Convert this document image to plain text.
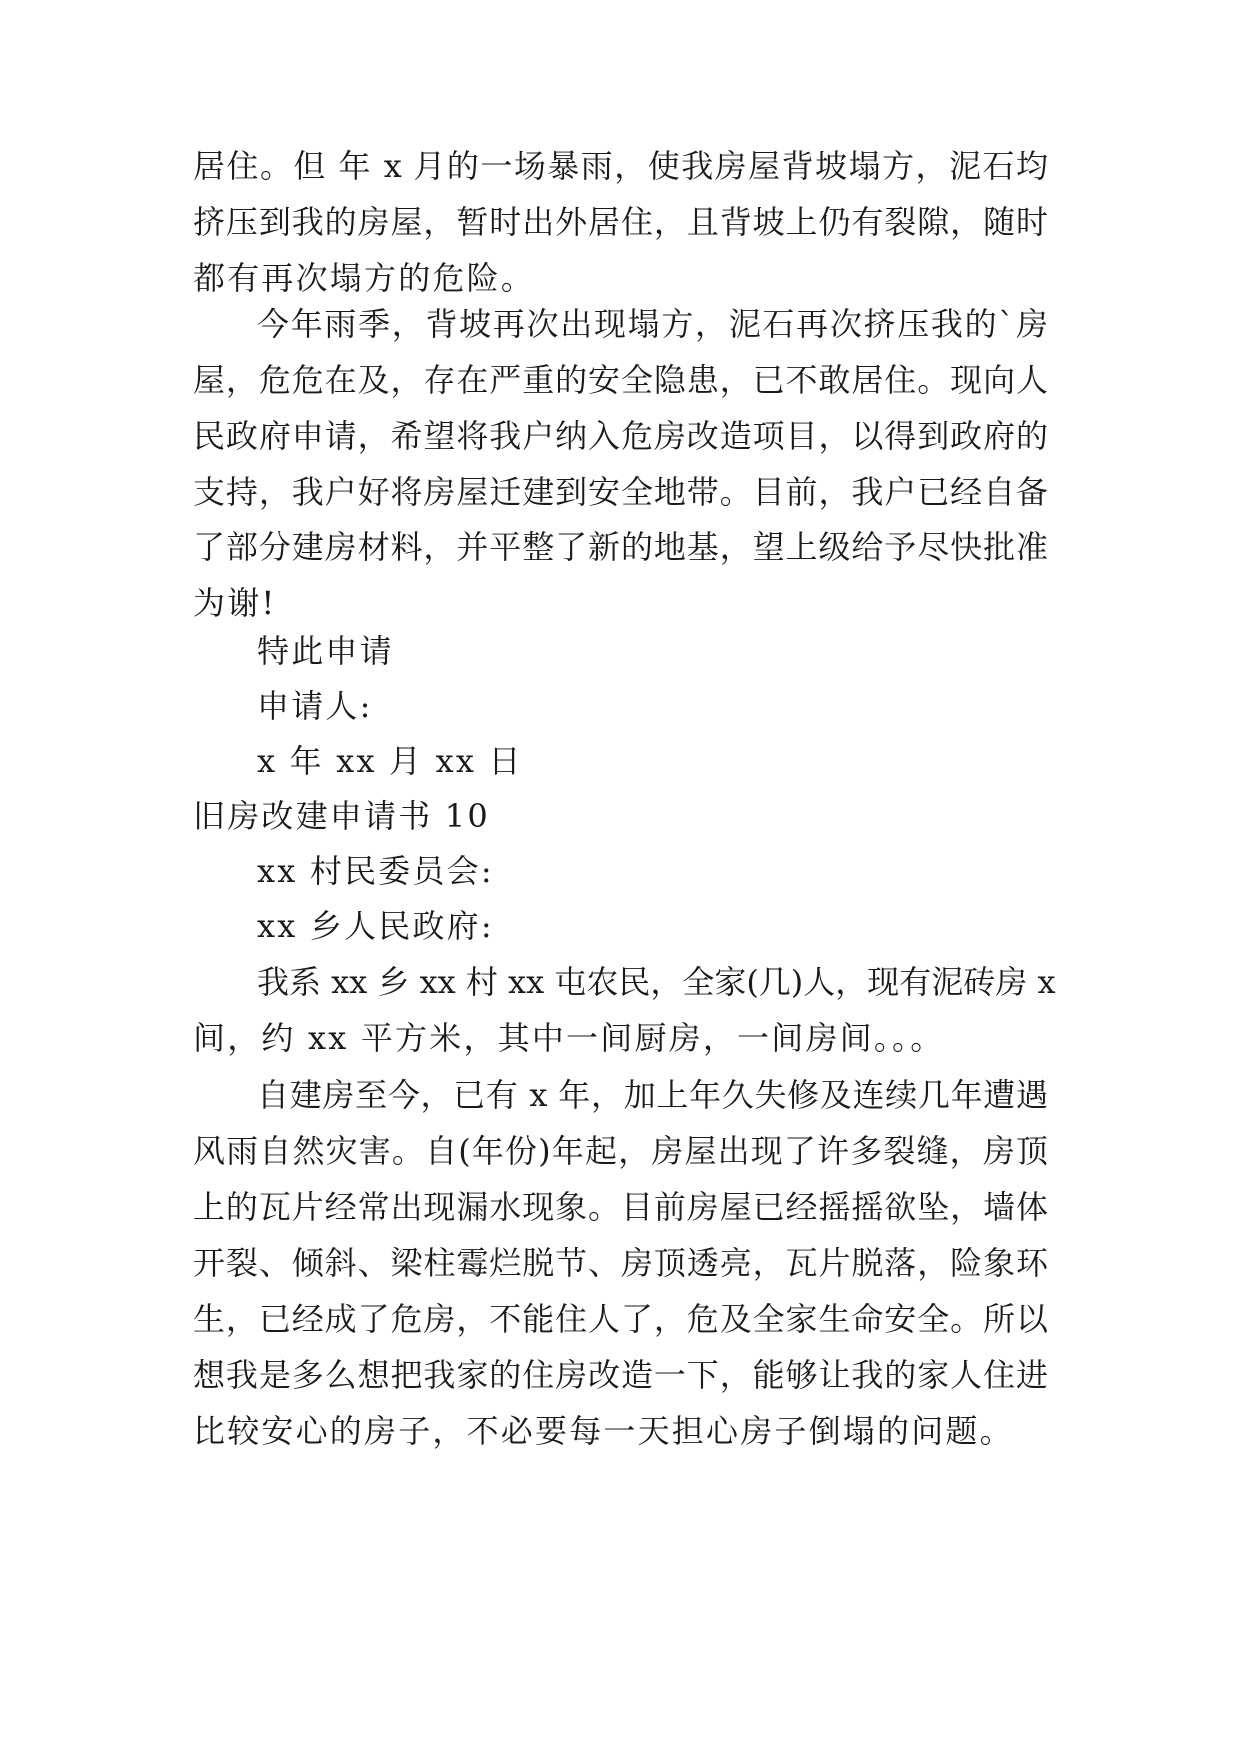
居住。但 年 x 月的一场暴雨，使我房屋背坡塌方，泥石均
挤压到我的房屋，暂时出外居住，且背坡上仍有裂隙，随时
都有再次塌方的危险。
今年雨季，背坡再次出现塌方，泥石再次挤压我的`房
屋，危危在及，存在严重的安全隐患，已不敢居住。现向人
民政府申请，希望将我户纳入危房改造项目，以得到政府的
支持，我户好将房屋迁建到安全地带。目前，我户已经自备
了部分建房材料，并平整了新的地基，望上级给予尽快批准
为谢!
特此申请
申请人:
x 年 xx 月 xx 日
旧房改建申请书 10
xx 村民委员会:
xx 乡人民政府:
我系 xx 乡 xx 村 xx 屯农民，全家(几)人，现有泥砖房 x
间，约 xx 平方米，其中一间厨房，一间房间。。。
自建房至今，已有 x 年，加上年久失修及连续几年遭遇
风雨自然灾害。自(年份)年起，房屋出现了许多裂缝，房顶
上的瓦片经常出现漏水现象。目前房屋已经摇摇欲坠，墙体
开裂、倾斜、梁柱霉烂脱节、房顶透亮，瓦片脱落，险象环
生，已经成了危房，不能住人了，危及全家生命安全。所以
想我是多么想把我家的住房改造一下，能够让我的家人住进
比较安心的房子，不必要每一天担心房子倒塌的问题。
